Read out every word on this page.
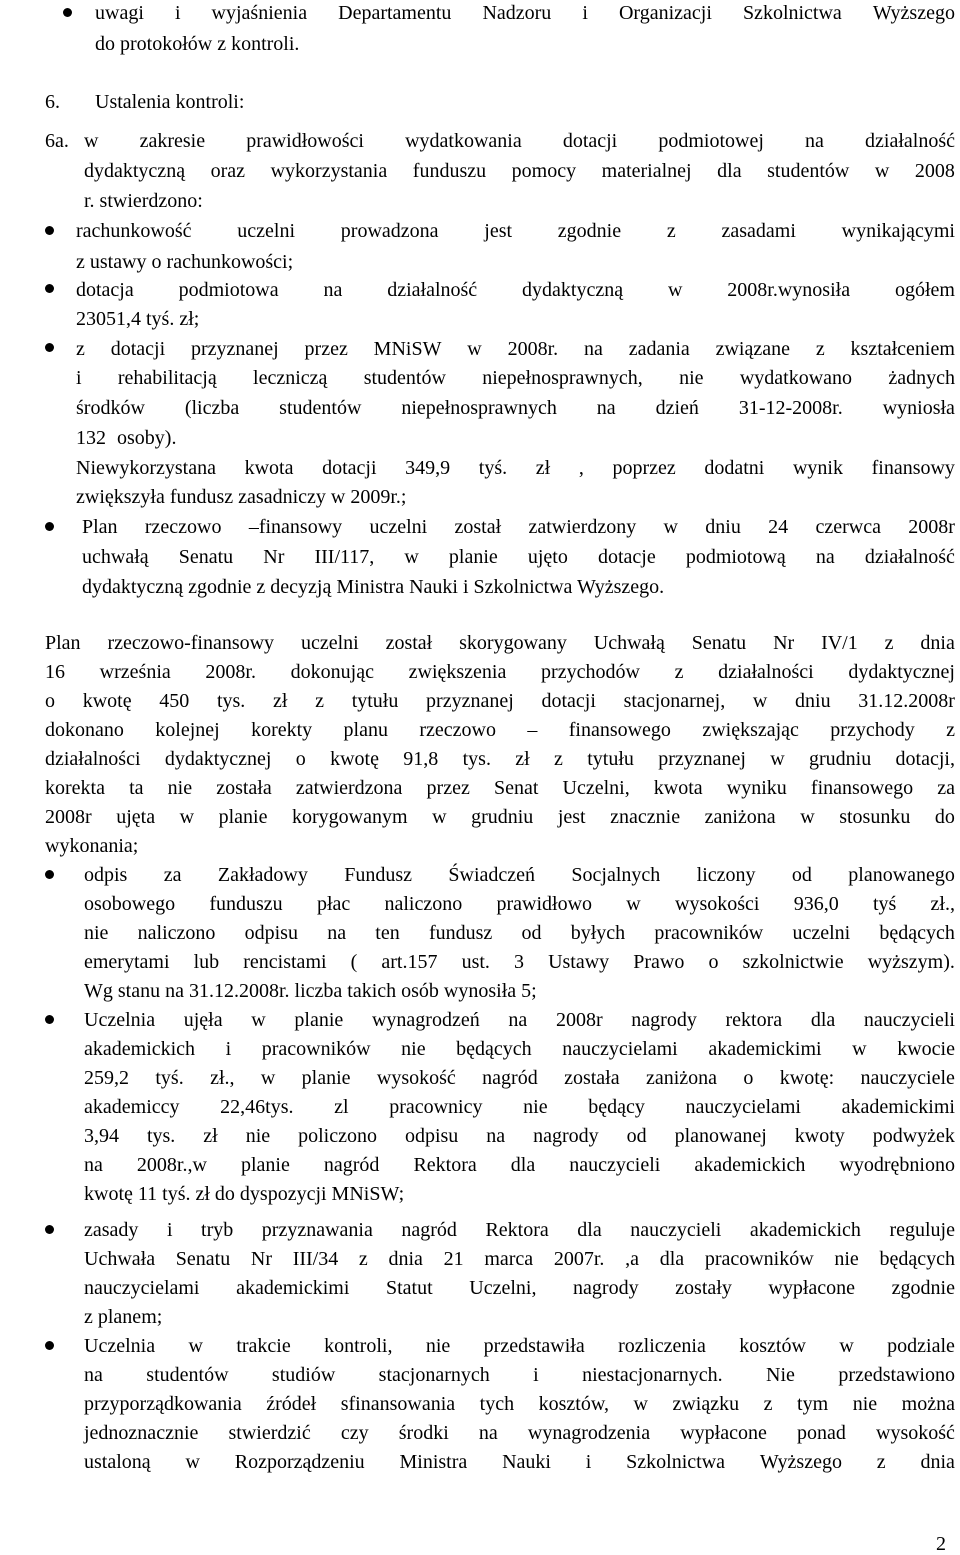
uwagi i wyjaśnienia Departamentu Nadzoru i Organizacji Szkolnictwa Wyższego
do protokołów z kontroli.
6. Ustalenia kontroli:
6a. w zakresie prawidłowości wydatkowania dotacji podmiotowej na działalność
dydaktyczną oraz wykorzystania funduszu pomocy materialnej dla studentów w 2008
r. stwierdzono:
rachunkowość uczelni prowadzona jest zgodnie z zasadami wynikającymi
z ustawy o rachunkowości;
dotacja podmiotowa na działalność dydaktyczną w 2008r.wynosiła ogółem
23051,4 tyś. zł;
z dotacji przyznanej przez MNiSW w 2008r. na zadania związane z kształceniem
i rehabilitacją leczniczą studentów niepełnosprawnych, nie wydatkowano żadnych
środków (liczba studentów niepełnosprawnych na dzień 31-12-2008r. wyniosła
132 osoby).
Niewykorzystana kwota dotacji 349,9 tyś. zł , poprzez dodatni wynik finansowy
zwiększyła fundusz zasadniczy w 2009r.;
Plan rzeczowo –finansowy uczelni został zatwierdzony w dniu 24 czerwca 2008r
uchwałą Senatu Nr III/117, w planie ujęto dotacje podmiotową na działalność
dydaktyczną zgodnie z decyzją Ministra Nauki i Szkolnictwa Wyższego.
Plan rzeczowo-finansowy uczelni został skorygowany Uchwałą Senatu Nr IV/1 z dnia
16 września 2008r. dokonując zwiększenia przychodów z działalności dydaktycznej
o kwotę 450 tys. zł z tytułu przyznanej dotacji stacjonarnej, w dniu 31.12.2008r
dokonano kolejnej korekty planu rzeczowo – finansowego zwiększając przychody z
działalności dydaktycznej o kwotę 91,8 tys. zł z tytułu przyznanej w grudniu dotacji,
korekta ta nie została zatwierdzona przez Senat Uczelni, kwota wyniku finansowego za
2008r ujęta w planie korygowanym w grudniu jest znacznie zaniżona w stosunku do
wykonania;
odpis za Zakładowy Fundusz Świadczeń Socjalnych liczony od planowanego
osobowego funduszu płac naliczono prawidłowo w wysokości 936,0 tyś zł.,
nie naliczono odpisu na ten fundusz od byłych pracowników uczelni będących
emerytami lub rencistami ( art.157 ust. 3 Ustawy Prawo o szkolnictwie wyższym).
Wg stanu na 31.12.2008r. liczba takich osób wynosiła 5;
Uczelnia ujęła w planie wynagrodzeń na 2008r nagrody rektora dla nauczycieli
akademickich i pracowników nie będących nauczycielami akademickimi w kwocie
259,2 tyś. zł., w planie wysokość nagród została zaniżona o kwotę: nauczyciele
akademiccy 22,46tys. zl pracownicy nie będący nauczycielami akademickimi
3,94 tys. zł nie policzono odpisu na nagrody od planowanej kwoty podwyżek
na 2008r.,w planie nagród Rektora dla nauczycieli akademickich wyodrębniono
kwotę 11 tyś. zł do dyspozycji MNiSW;
zasady i tryb przyznawania nagród Rektora dla nauczycieli akademickich reguluje
Uchwała Senatu Nr III/34 z dnia 21 marca 2007r. ,a dla pracowników nie będących
nauczycielami akademickimi Statut Uczelni, nagrody zostały wypłacone zgodnie
z planem;
Uczelnia w trakcie kontroli, nie przedstawiła rozliczenia kosztów w podziale
na studentów studiów stacjonarnych i niestacjonarnych. Nie przedstawiono
przyporządkowania źródeł sfinansowania tych kosztów, w związku z tym nie można
jednoznacznie stwierdzić czy środki na wynagrodzenia wypłacone ponad wysokość
ustaloną w Rozporządzeniu Ministra Nauki i Szkolnictwa Wyższego z dnia
2
